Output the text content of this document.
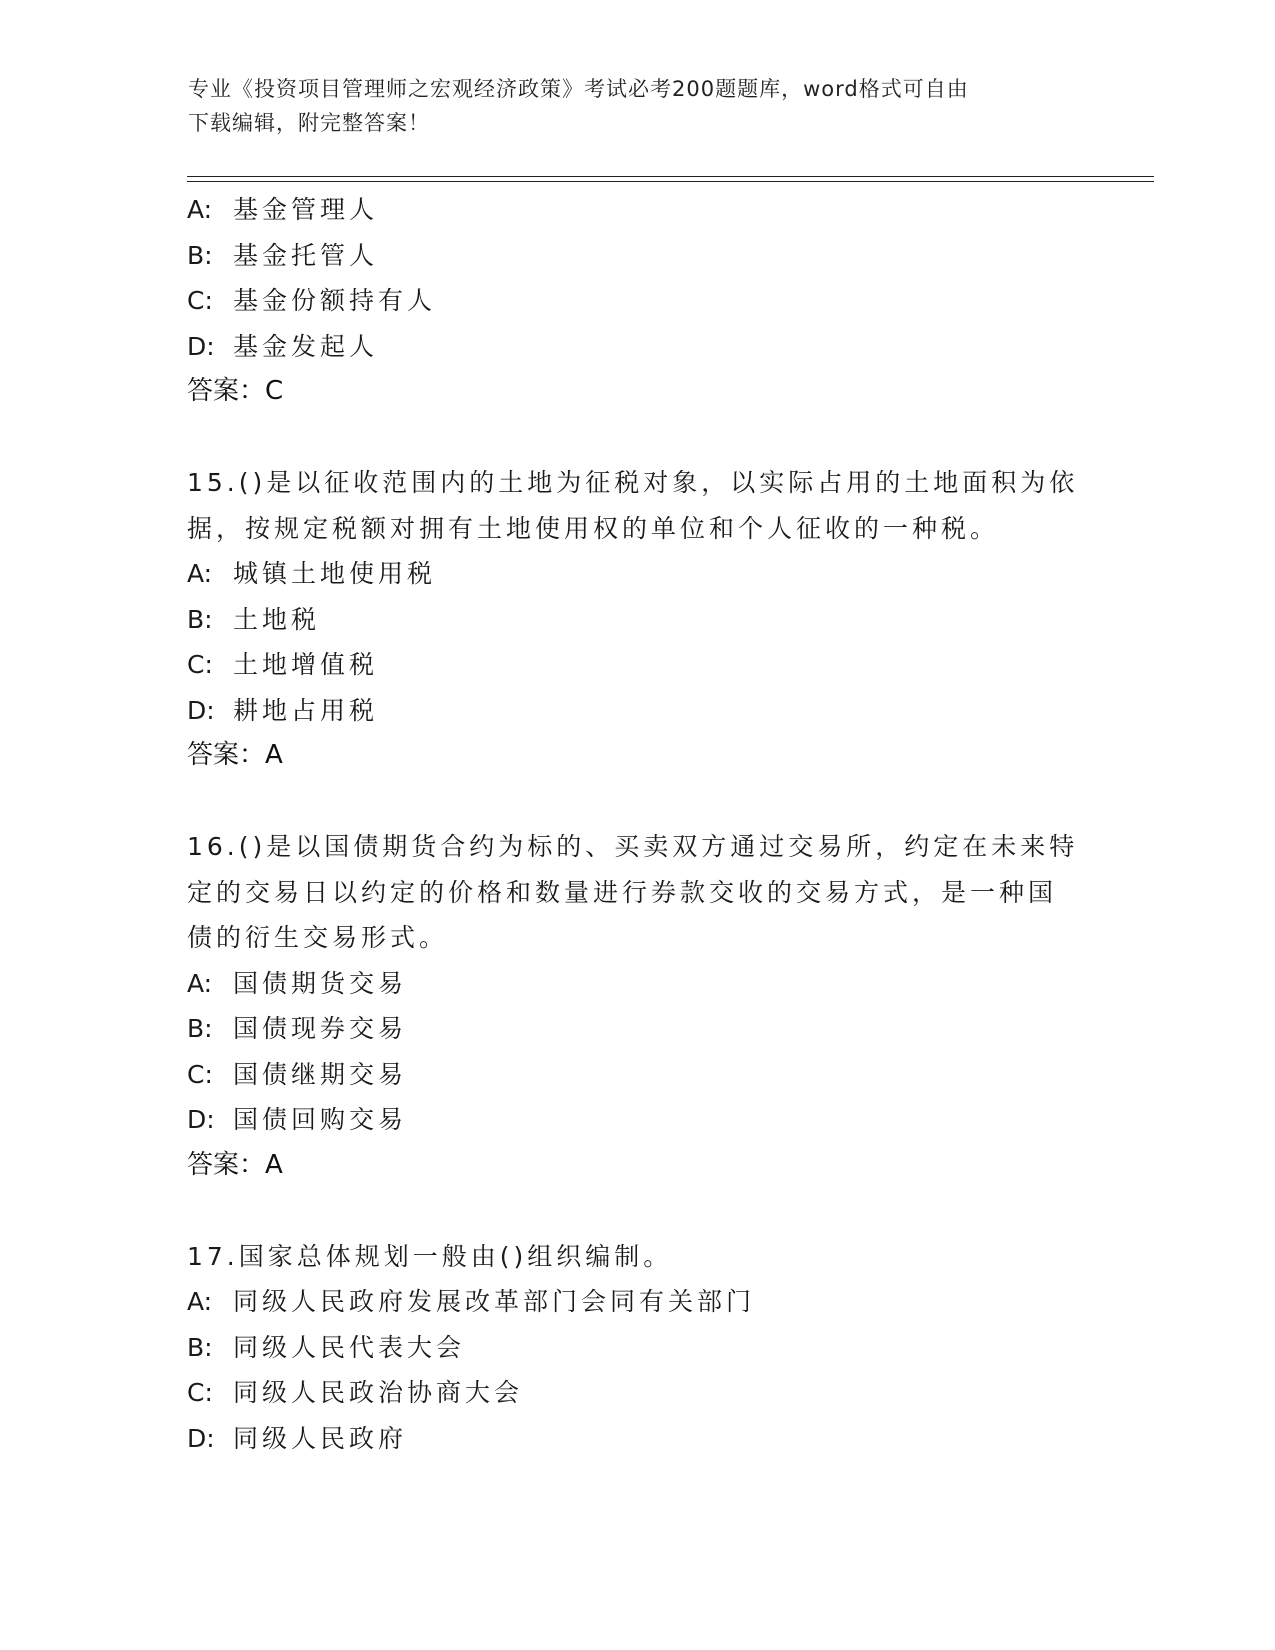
专业《投资项目管理师之宏观经济政策》考试必考200题题库，word格式可自由
下载编辑，附完整答案！
A: 基金管理人
B: 基金托管人
C: 基金份额持有人
D: 基金发起人
答案：C
15.()是以征收范围内的土地为征税对象，以实际占用的土地面积为依
据，按规定税额对拥有土地使用权的单位和个人征收的一种税。
A: 城镇土地使用税
B: 土地税
C: 土地增值税
D: 耕地占用税
答案：A
16.()是以国债期货合约为标的、买卖双方通过交易所，约定在未来特
定的交易日以约定的价格和数量进行券款交收的交易方式，是一种国
债的衍生交易形式。
A: 国债期货交易
B: 国债现券交易
C: 国债继期交易
D: 国债回购交易
答案：A
17.国家总体规划一般由()组织编制。
A: 同级人民政府发展改革部门会同有关部门
B: 同级人民代表大会
C: 同级人民政治协商大会
D: 同级人民政府
